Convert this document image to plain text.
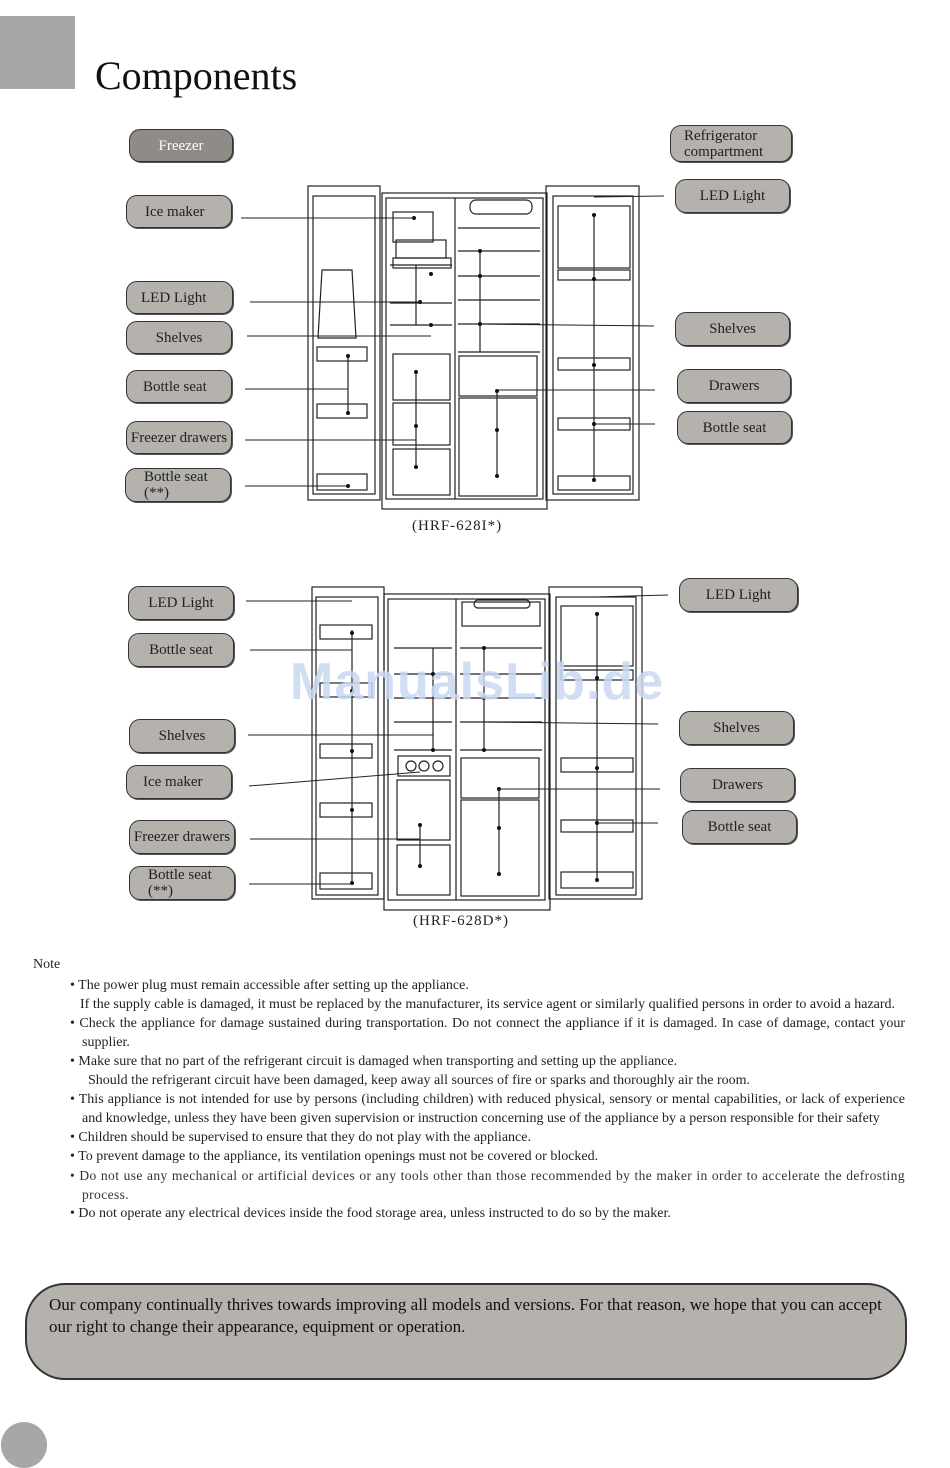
Components
Freezer
Refrigerator
compartment
Ice maker
LED Light
Shelves
Bottle seat
Freezer drawers
Bottle seat
(**)
LED Light
Shelves
Drawers
Bottle seat
(HRF-628I*)
LED Light
Bottle seat
Shelves
Ice maker
Freezer drawers
Bottle seat
(**)
LED Light
Shelves
Drawers
Bottle seat
(HRF-628D*)
ManualsLib.de
Note

• The power plug must remain accessible after setting up the appliance.

If the supply cable is damaged, it must be replaced by the manufacturer, its service agent or similarly qualified persons in order to avoid a hazard.

• Check the appliance for damage sustained during transportation. Do not connect the appliance if it is damaged. In case of damage, contact your supplier.

• Make sure that no part of the refrigerant circuit is damaged when transporting and setting up the appliance.

Should the refrigerant circuit have been damaged, keep away all sources of fire or sparks and thoroughly air the room.

• This appliance is not intended for use by persons (including children) with reduced physical, sensory or mental capabilities, or lack of experience and knowledge, unless they have been given supervision or instruction concerning use of the appliance by a person responsible for their safety

• Children should be supervised to ensure that they do not play with the appliance.

• To prevent damage to the appliance, its ventilation openings must not be covered or blocked.

• Do not use any mechanical or artificial devices or any tools other than those recommended by the maker in order to accelerate the defrosting process.

• Do not operate any electrical devices inside the food storage area, unless instructed to do so by the maker.

Our company continually thrives towards improving all models and versions. For that reason, we hope that you can accept our right to change their appearance, equipment or operation.
